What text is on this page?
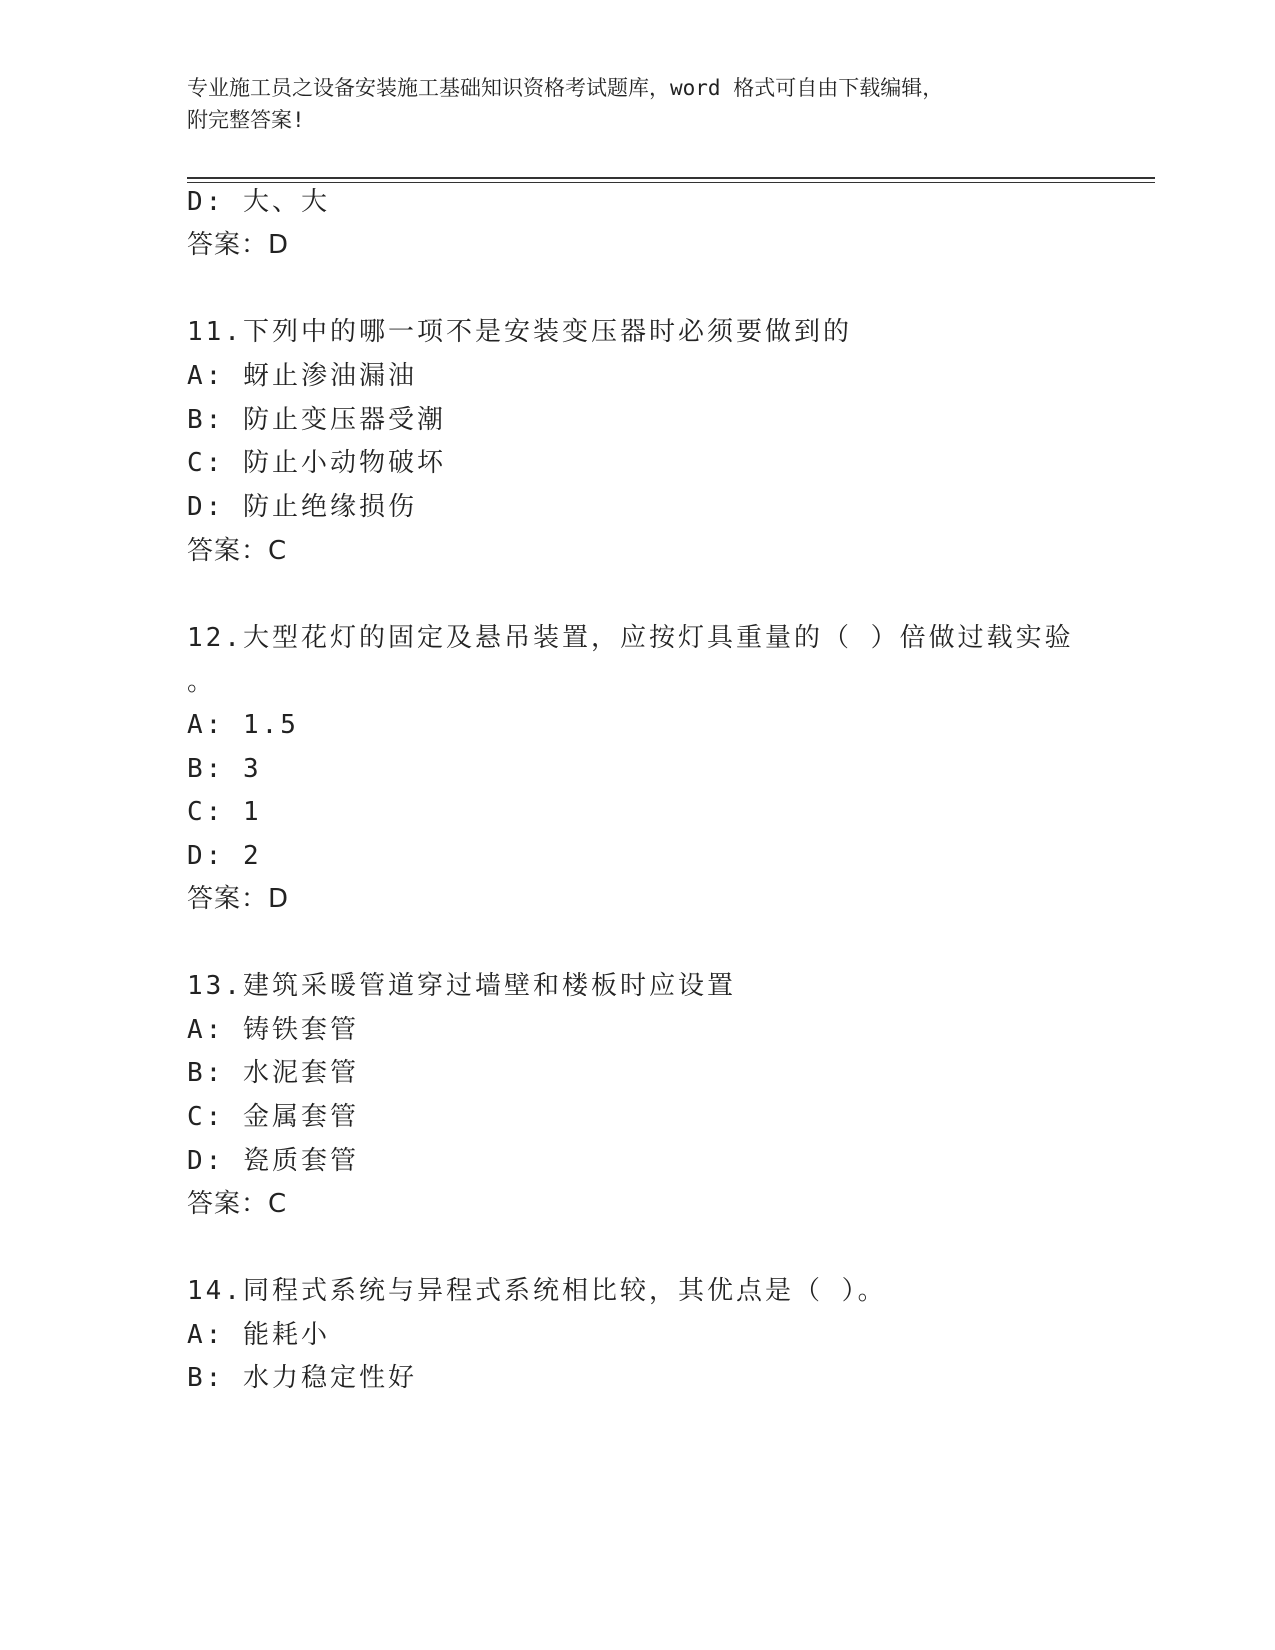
专业施工员之设备安装施工基础知识资格考试题库，word 格式可自由下载编辑，
附完整答案!
D: 大、大
答案：D
11.下列中的哪一项不是安装变压器时必须要做到的
A: 蚜止渗油漏油
B: 防止变压器受潮
C: 防止小动物破坏
D: 防止绝缘损伤
答案：C
12.大型花灯的固定及悬吊装置，应按灯具重量的（ ）倍做过载实验
。
A: 1.5
B: 3
C: 1
D: 2
答案：D
13.建筑采暖管道穿过墙壁和楼板时应设置
A: 铸铁套管
B: 水泥套管
C: 金属套管
D: 瓷质套管
答案：C
14.同程式系统与异程式系统相比较，其优点是（ ）。
A: 能耗小
B: 水力稳定性好
